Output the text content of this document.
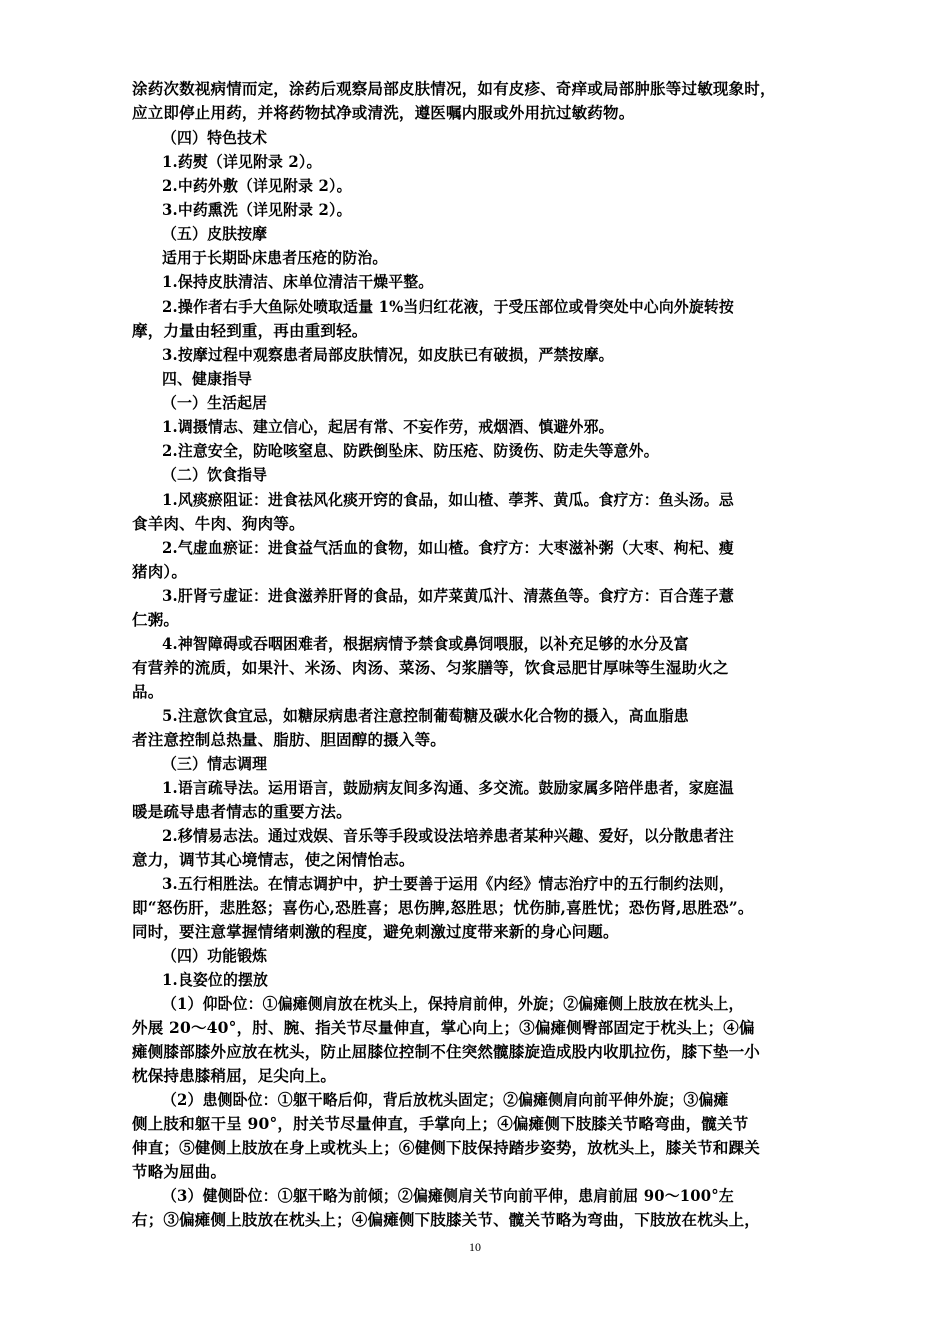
涂药次数视病情而定，涂药后观察局部皮肤情况，如有皮疹、奇痒或局部肿胀等过敏现象时，
应立即停止用药，并将药物拭净或清洗，遵医嘱内服或外用抗过敏药物。
（四）特色技术
1.药熨（详见附录 2）。
2.中药外敷（详见附录 2）。
3.中药熏洗（详见附录 2）。
（五）皮肤按摩
适用于长期卧床患者压疮的防治。
1.保持皮肤清洁、床单位清洁干燥平整。
2.操作者右手大鱼际处喷取适量 1%当归红花液，于受压部位或骨突处中心向外旋转按
摩，力量由轻到重，再由重到轻。
3.按摩过程中观察患者局部皮肤情况，如皮肤已有破损，严禁按摩。
四、健康指导
（一）生活起居
1.调摄情志、建立信心，起居有常、不妄作劳，戒烟酒、慎避外邪。
2.注意安全，防呛咳窒息、防跌倒坠床、防压疮、防烫伤、防走失等意外。
（二）饮食指导
1.风痰瘀阻证：进食祛风化痰开窍的食品，如山楂、荸荠、黄瓜。食疗方：鱼头汤。忌
食羊肉、牛肉、狗肉等。
2.气虚血瘀证：进食益气活血的食物，如山楂。食疗方：大枣滋补粥（大枣、枸杞、瘦
猪肉）。
3.肝肾亏虚证：进食滋养肝肾的食品，如芹菜黄瓜汁、清蒸鱼等。食疗方：百合莲子薏
仁粥。
4.神智障碍或吞咽困难者，根据病情予禁食或鼻饲喂服，以补充足够的水分及富
有营养的流质，如果汁、米汤、肉汤、菜汤、匀浆膳等，饮食忌肥甘厚味等生湿助火之
品。
5.注意饮食宜忌，如糖尿病患者注意控制葡萄糖及碳水化合物的摄入，高血脂患
者注意控制总热量、脂肪、胆固醇的摄入等。
（三）情志调理
1.语言疏导法。运用语言，鼓励病友间多沟通、多交流。鼓励家属多陪伴患者，家庭温
暖是疏导患者情志的重要方法。
2.移情易志法。通过戏娱、音乐等手段或设法培养患者某种兴趣、爱好，以分散患者注
意力，调节其心境情志，使之闲情怡志。
3.五行相胜法。在情志调护中，护士要善于运用《内经》情志治疗中的五行制约法则，
即“怒伤肝，悲胜怒；喜伤心,恐胜喜；思伤脾,怒胜思；忧伤肺,喜胜忧；恐伤肾,思胜恐”。
同时，要注意掌握情绪刺激的程度，避免刺激过度带来新的身心问题。
（四）功能锻炼
1.良姿位的摆放
（1）仰卧位：①偏瘫侧肩放在枕头上，保持肩前伸，外旋；②偏瘫侧上肢放在枕头上，
外展 20～40°，肘、腕、指关节尽量伸直，掌心向上；③偏瘫侧臀部固定于枕头上；④偏
瘫侧膝部膝外应放在枕头，防止屈膝位控制不住突然髋膝旋造成股内收肌拉伤，膝下垫一小
枕保持患膝稍屈，足尖向上。
（2）患侧卧位：①躯干略后仰，背后放枕头固定；②偏瘫侧肩向前平伸外旋；③偏瘫
侧上肢和躯干呈 90°，肘关节尽量伸直，手掌向上；④偏瘫侧下肢膝关节略弯曲，髋关节
伸直；⑤健侧上肢放在身上或枕头上；⑥健侧下肢保持踏步姿势，放枕头上，膝关节和踝关
节略为屈曲。
（3）健侧卧位：①躯干略为前倾；②偏瘫侧肩关节向前平伸，患肩前屈 90～100°左
右；③偏瘫侧上肢放在枕头上；④偏瘫侧下肢膝关节、髋关节略为弯曲，下肢放在枕头上，
10
